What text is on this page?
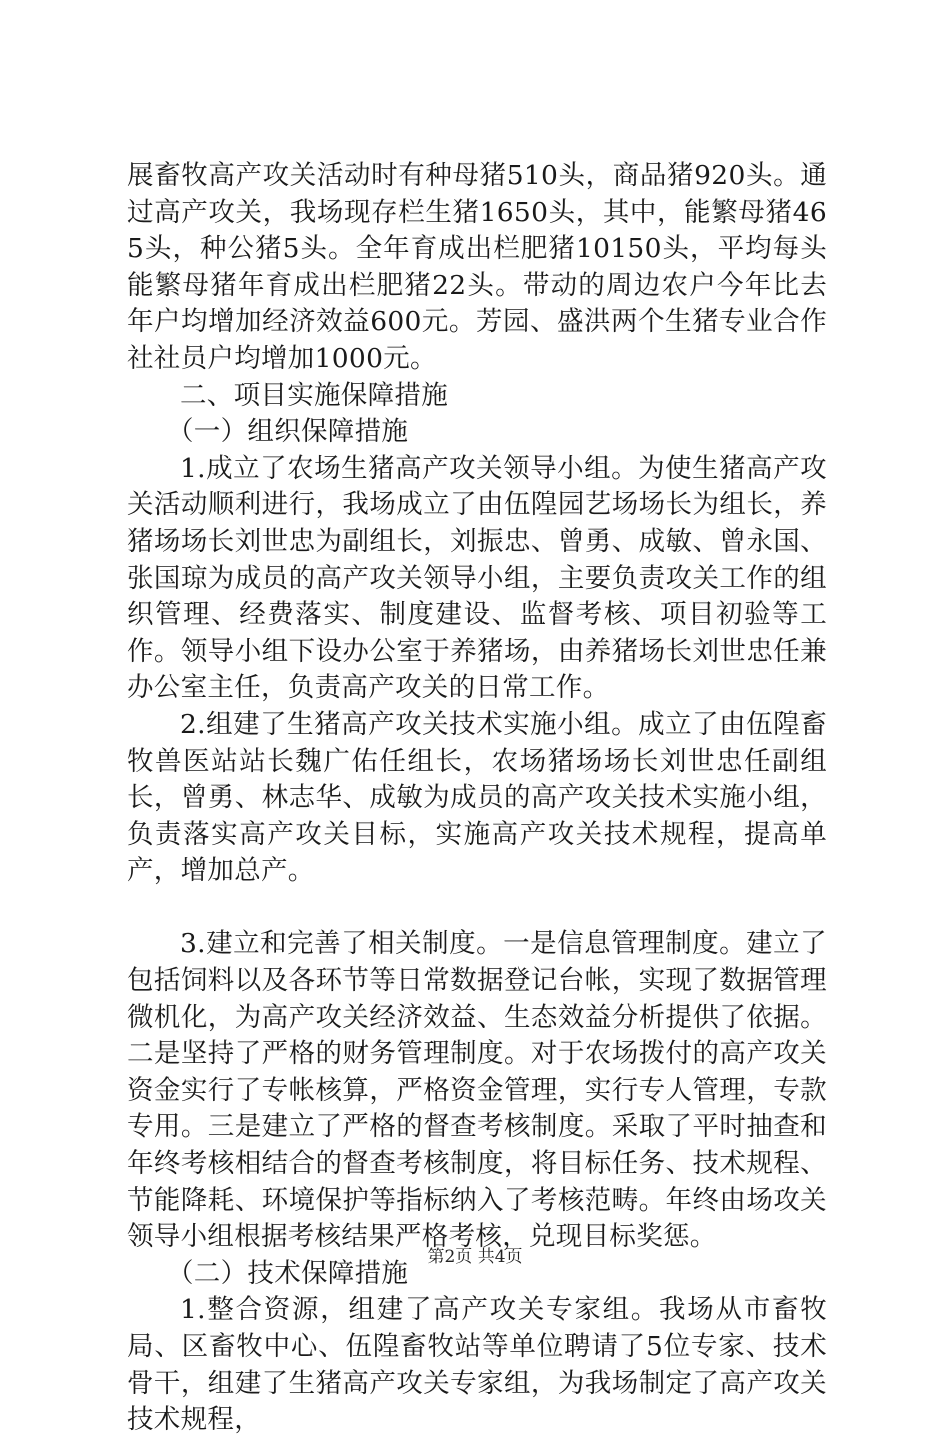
展畜牧高产攻关活动时有种母猪510头，商品猪920头。通过高产攻关，我场现存栏生猪1650头，其中，能繁母猪465头，种公猪5头。全年育成出栏肥猪10150头，平均每头能繁母猪年育成出栏肥猪22头。带动的周边农户今年比去年户均增加经济效益600元。芳园、盛洪两个生猪专业合作社社员户均增加1000元。

二、项目实施保障措施

（一）组织保障措施

1.成立了农场生猪高产攻关领导小组。为使生猪高产攻关活动顺利进行，我场成立了由伍隍园艺场场长为组长，养猪场场长刘世忠为副组长，刘振忠、曾勇、成敏、曾永国、张国琼为成员的高产攻关领导小组，主要负责攻关工作的组织管理、经费落实、制度建设、监督考核、项目初验等工作。领导小组下设办公室于养猪场，由养猪场长刘世忠任兼办公室主任，负责高产攻关的日常工作。

2.组建了生猪高产攻关技术实施小组。成立了由伍隍畜牧兽医站站长魏广佑任组长，农场猪场场长刘世忠任副组长，曾勇、林志华、成敏为成员的高产攻关技术实施小组，负责落实高产攻关目标，实施高产攻关技术规程，提高单产，增加总产。

3.建立和完善了相关制度。一是信息管理制度。建立了包括饲料以及各环节等日常数据登记台帐，实现了数据管理微机化，为高产攻关经济效益、生态效益分析提供了依据。二是坚持了严格的财务管理制度。对于农场拨付的高产攻关资金实行了专帐核算，严格资金管理，实行专人管理，专款专用。三是建立了严格的督查考核制度。采取了平时抽查和年终考核相结合的督查考核制度，将目标任务、技术规程、节能降耗、环境保护等指标纳入了考核范畴。年终由场攻关领导小组根据考核结果严格考核，兑现目标奖惩。

（二）技术保障措施

1.整合资源，组建了高产攻关专家组。我场从市畜牧局、区畜牧中心、伍隍畜牧站等单位聘请了5位专家、技术骨干，组建了生猪高产攻关专家组，为我场制定了高产攻关技术规程，

第2页 共4页
